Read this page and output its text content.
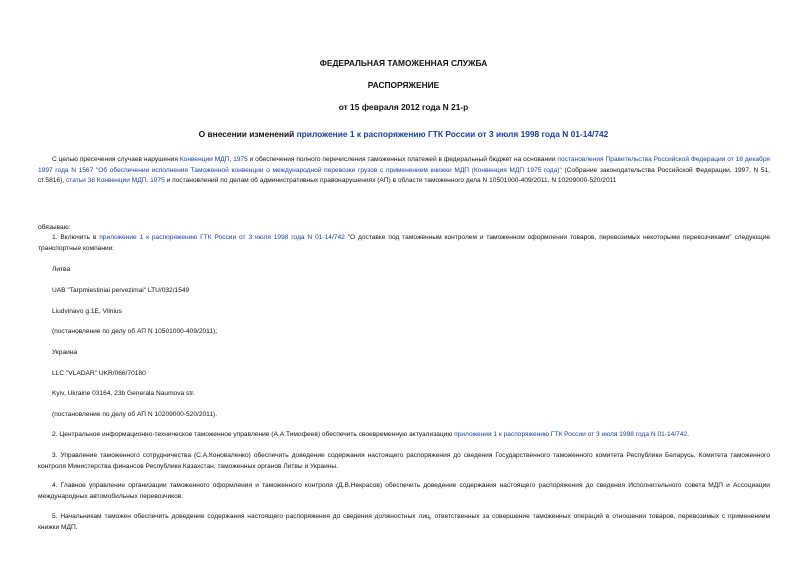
ФЕДЕРАЛЬНАЯ ТАМОЖЕННАЯ СЛУЖБА
РАСПОРЯЖЕНИЕ
от 15 февраля 2012 года N 21-р
О внесении изменений приложение 1 к распоряжению ГТК России от 3 июля 1998 года N 01-14/742
С целью пресечения случаев нарушения Конвенции МДП, 1975 и обеспечения полного перечисления таможенных платежей в федеральный бюджет на основании постановления Правительства Российской Федерации от 18 декабря 1997 года N 1567 "Об обеспечении исполнения Таможенной конвенции о международной перевозке грузов с применением книжки МДП (Конвенция МДП 1975 года)" (Собрание законодательства Российской Федерации, 1997, N 51, ст.5816), статьи 38 Конвенции МДП, 1975 и постановлений по делам об административных правонарушениях (АП) в области таможенного дела N 10501000-409/2011, N 10209000-520/2011
обязываю:
1. Включить в приложение 1 к распоряжению ГТК России от 3 июля 1998 года N 01-14/742 "О доставке под таможенным контролем и таможенном оформлении товаров, перевозимых некоторыми перевозчиками" следующие транспортные компании:
Литва
UAB "Tarpmiestiniai pervezimai" LTU/032/1549
Liudvinavo g.1E, Vilnius
(постановление по делу об АП N 10501000-409/2011);
Украина
LLC "VLADAR" UKR/066/70180
Kyiv, Ukraine 03164, 23b Generala Naumova str.
(постановление по делу об АП N 10209000-520/2011).
2. Центральное информационно-техническое таможенное управление (А.А.Тимофеев) обеспечить своевременную актуализацию приложения 1 к распоряжению ГТК России от 3 июля 1998 года N 01-14/742.
3. Управление таможенного сотрудничества (С.А.Коноваленко) обеспечить доведение содержания настоящего распоряжения до сведения Государственного таможенного комитета Республики Беларусь, Комитета таможенного контроля Министерства финансов Республики Казахстан, таможенных органов Литвы и Украины.
4. Главное управление организации таможенного оформления и таможенного контроля (Д.В.Некрасов) обеспечить доведение содержания настоящего распоряжения до сведения Исполнительного совета МДП и Ассоциации международных автомобильных перевозчиков.
5. Начальникам таможен обеспечить доведение содержания настоящего распоряжения до сведения должностных лиц, ответственных за совершение таможенных операций в отношении товаров, перевозимых с применением книжки МДП.
